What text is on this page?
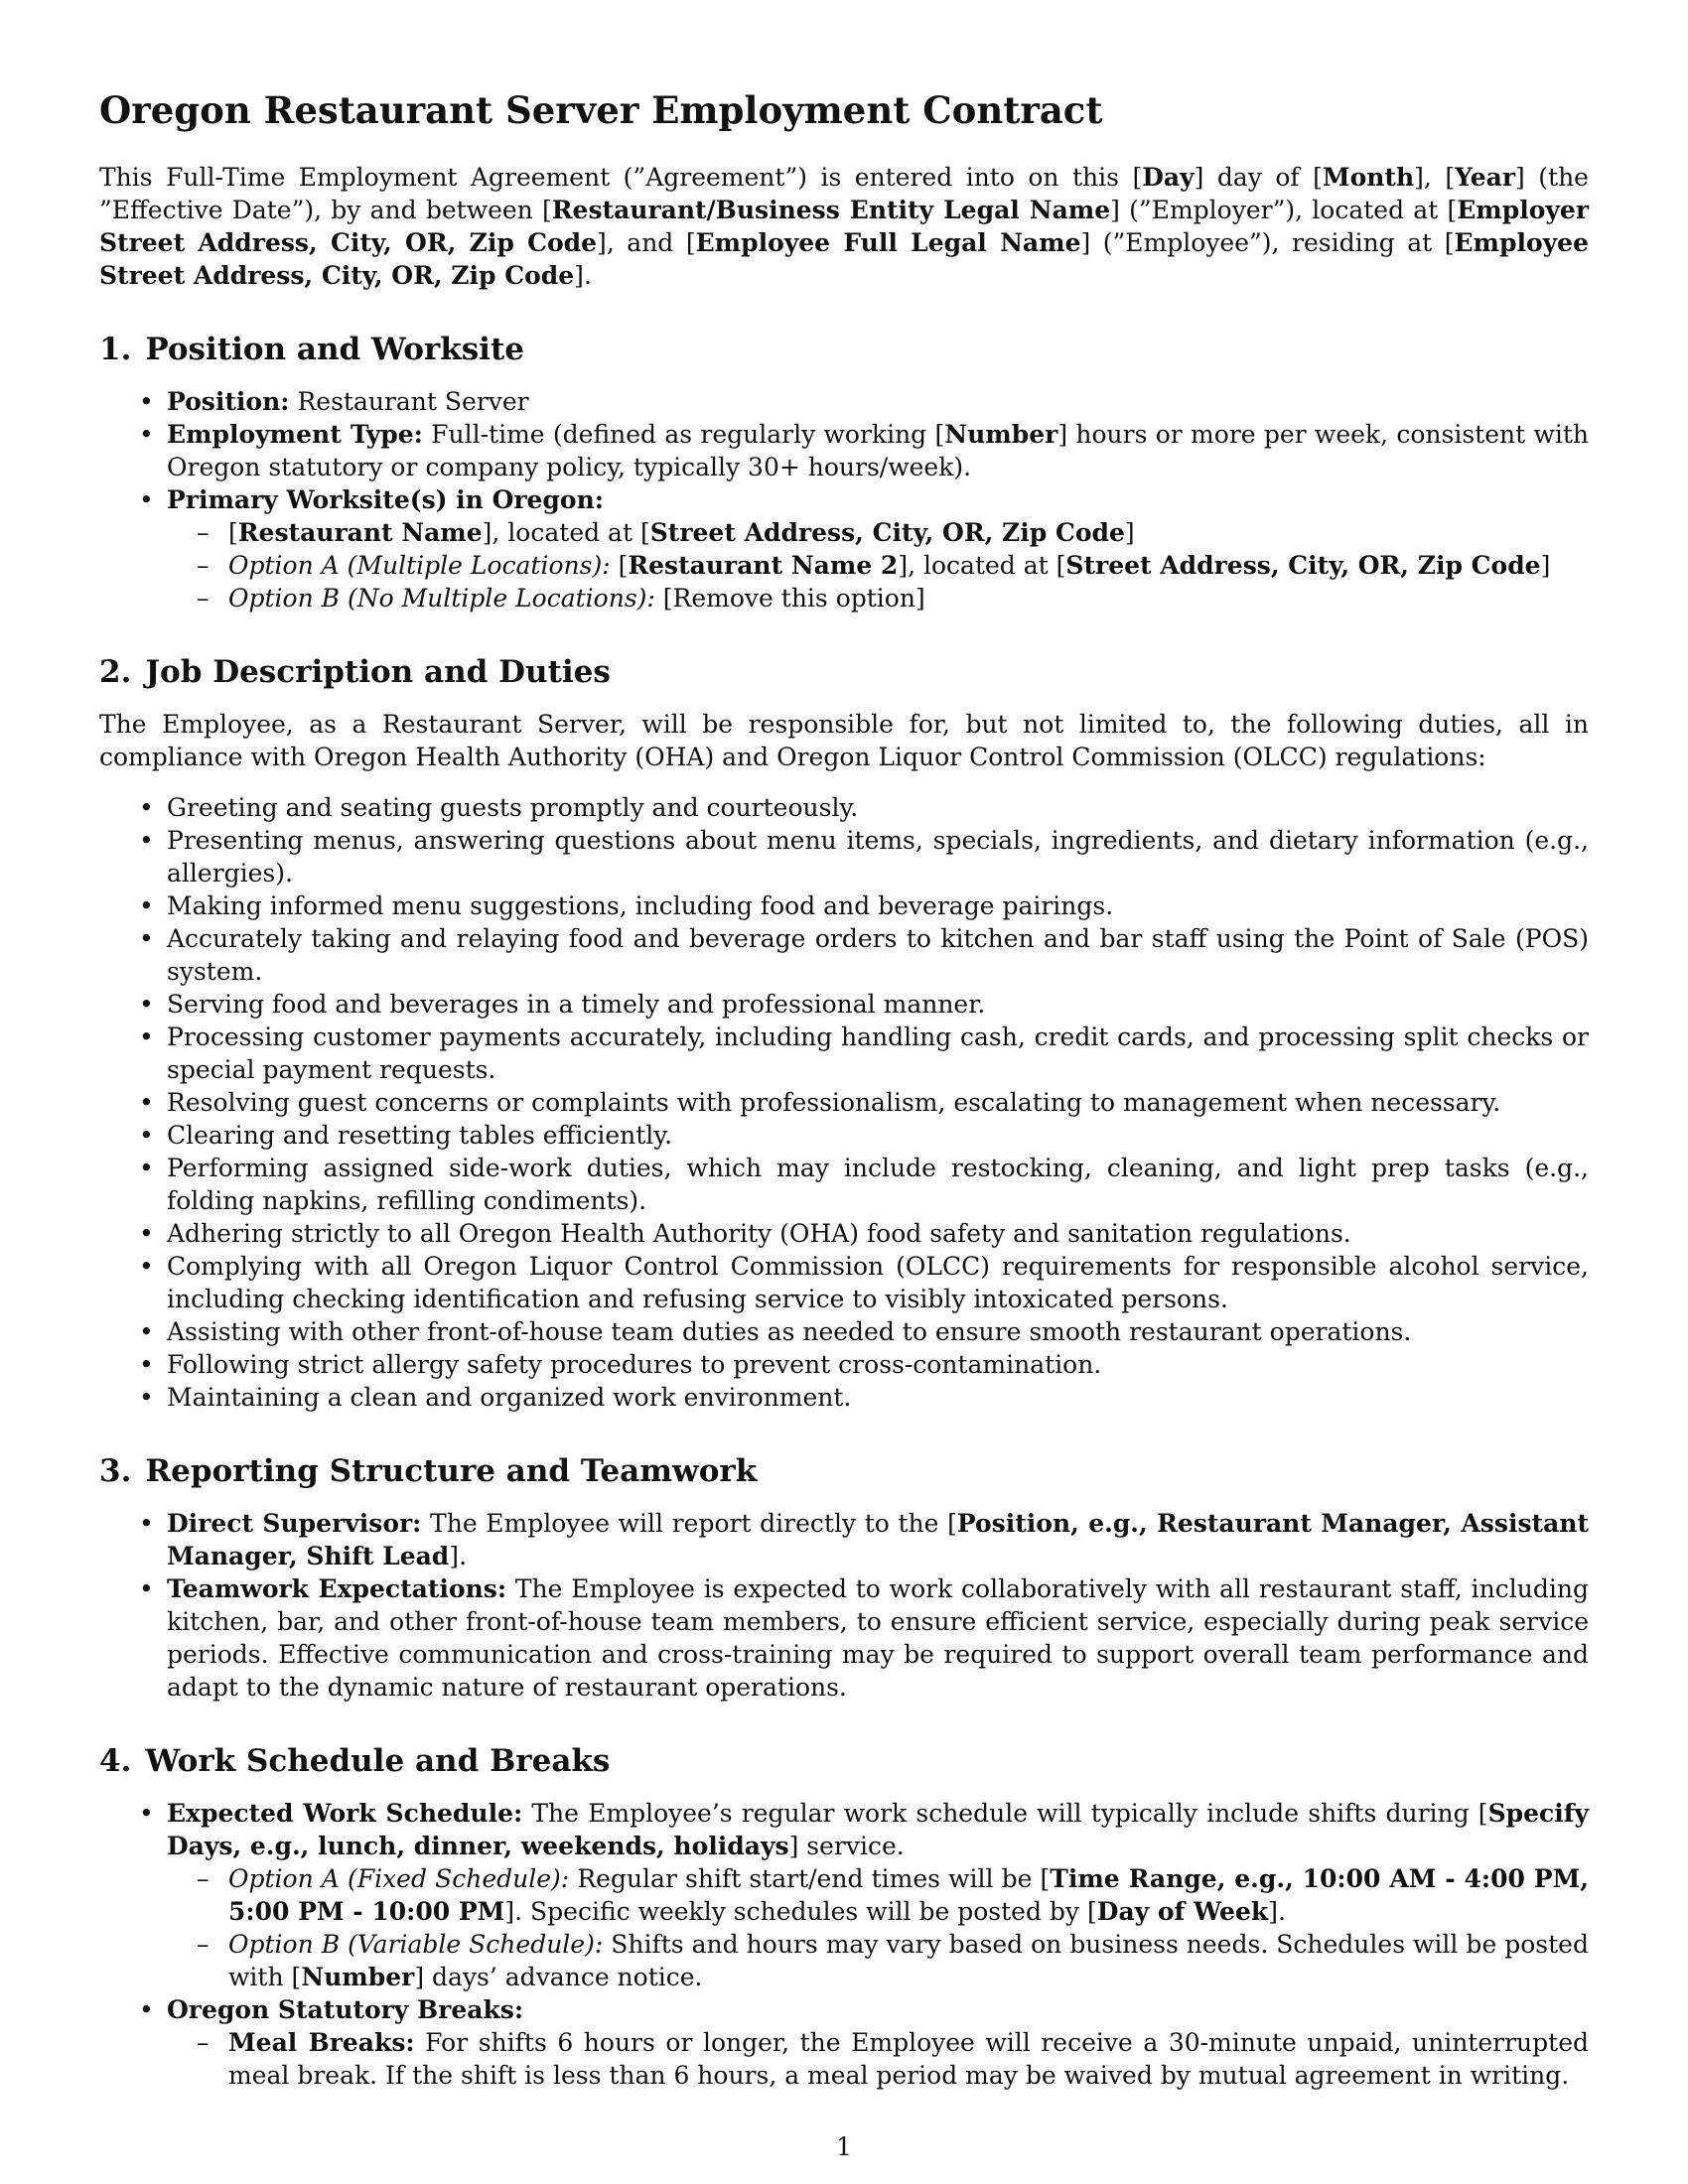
Oregon Restaurant Server Employment Contract

This Full-Time Employment Agreement (”Agreement”) is entered into on this [Day] day of [Month], [Year] (the ”Effective Date”), by and between [Restaurant/Business Entity Legal Name] (”Employer”), located at [Employer Street Address, City, OR, Zip Code], and [Employee Full Legal Name] (”Employee”), residing at [Employee Street Address, City, OR, Zip Code].

1. Position and Worksite
• Position: Restaurant Server
• Employment Type: Full-time (defined as regularly working [Number] hours or more per week, consistent with Oregon statutory or company policy, typically 30+ hours/week).
• Primary Worksite(s) in Oregon:
– [Restaurant Name], located at [Street Address, City, OR, Zip Code]
– Option A (Multiple Locations): [Restaurant Name 2], located at [Street Address, City, OR, Zip Code]
– Option B (No Multiple Locations): [Remove this option]
2. Job Description and Duties

The Employee, as a Restaurant Server, will be responsible for, but not limited to, the following duties, all in compliance with Oregon Health Authority (OHA) and Oregon Liquor Control Commission (OLCC) regulations:

• Greeting and seating guests promptly and courteously.
• Presenting menus, answering questions about menu items, specials, ingredients, and dietary information (e.g., allergies).
• Making informed menu suggestions, including food and beverage pairings.
• Accurately taking and relaying food and beverage orders to kitchen and bar staff using the Point of Sale (POS) system.
• Serving food and beverages in a timely and professional manner.
• Processing customer payments accurately, including handling cash, credit cards, and processing split checks or special payment requests.
• Resolving guest concerns or complaints with professionalism, escalating to management when necessary.
• Clearing and resetting tables efficiently.
• Performing assigned side-work duties, which may include restocking, cleaning, and light prep tasks (e.g., folding napkins, refilling condiments).
• Adhering strictly to all Oregon Health Authority (OHA) food safety and sanitation regulations.
• Complying with all Oregon Liquor Control Commission (OLCC) requirements for responsible alcohol service, including checking identification and refusing service to visibly intoxicated persons.
• Assisting with other front-of-house team duties as needed to ensure smooth restaurant operations.
• Following strict allergy safety procedures to prevent cross-contamination.
• Maintaining a clean and organized work environment.
3. Reporting Structure and Teamwork
• Direct Supervisor: The Employee will report directly to the [Position, e.g., Restaurant Manager, Assistant Manager, Shift Lead].
• Teamwork Expectations: The Employee is expected to work collaboratively with all restaurant staff, including kitchen, bar, and other front-of-house team members, to ensure efficient service, especially during peak service periods. Effective communication and cross-training may be required to support overall team performance and adapt to the dynamic nature of restaurant operations.
4. Work Schedule and Breaks
• Expected Work Schedule: The Employee’s regular work schedule will typically include shifts during [Specify Days, e.g., lunch, dinner, weekends, holidays] service.
– Option A (Fixed Schedule): Regular shift start/end times will be [Time Range, e.g., 10:00 AM - 4:00 PM, 5:00 PM - 10:00 PM]. Specific weekly schedules will be posted by [Day of Week].
– Option B (Variable Schedule): Shifts and hours may vary based on business needs. Schedules will be posted with [Number] days’ advance notice.
• Oregon Statutory Breaks:
– Meal Breaks: For shifts 6 hours or longer, the Employee will receive a 30-minute unpaid, uninterrupted meal break. If the shift is less than 6 hours, a meal period may be waived by mutual agreement in writing.
1
